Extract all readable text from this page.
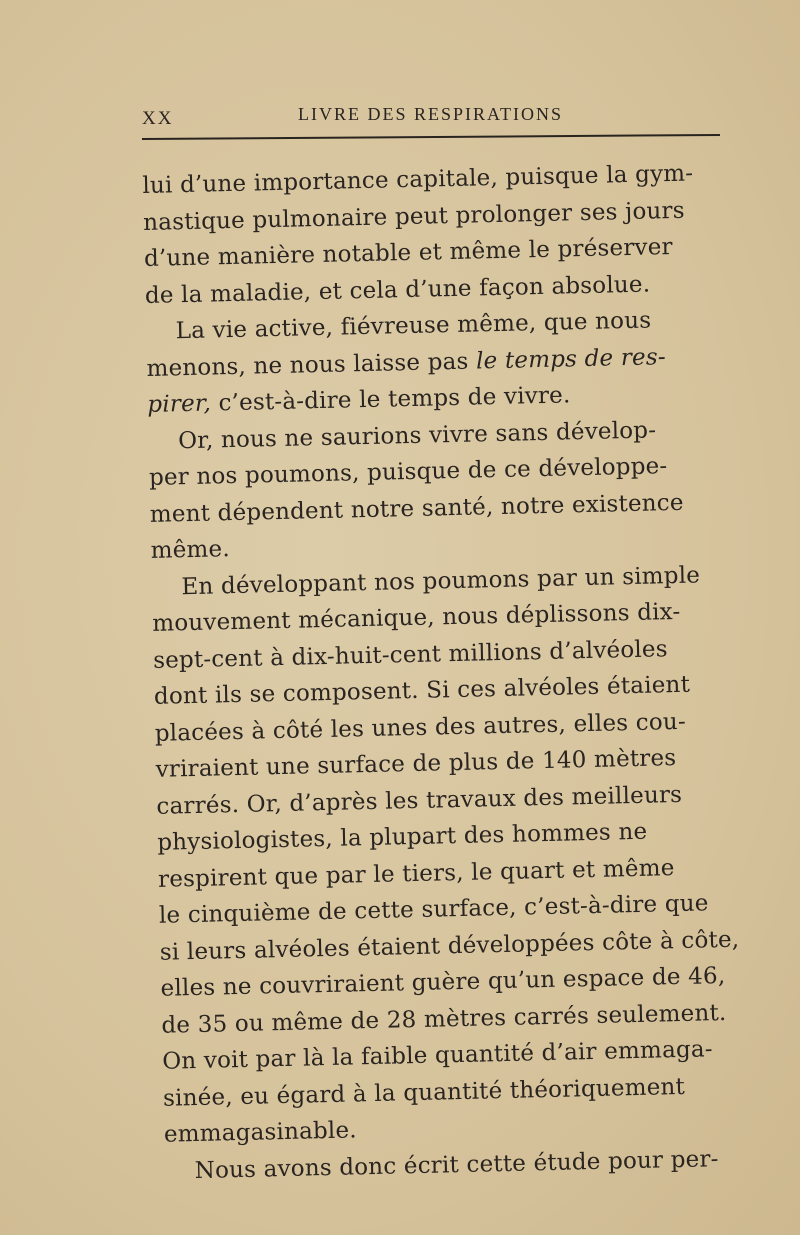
XX	LIVRE DES RESPIRATIONS
lui d’une importance capitale, puisque la gym-
nastique pulmonaire peut prolonger ses jours
d’une manière notable et même le préserver
de la maladie, et cela d’une façon absolue.
La vie active, fiévreuse même, que nous
menons, ne nous laisse pas le temps de res-
pirer, c’est-à-dire le temps de vivre.
Or, nous ne saurions vivre sans dévelop-
per nos poumons, puisque de ce développe-
ment dépendent notre santé, notre existence
même.
En développant nos poumons par un simple
mouvement mécanique, nous déplissons dix-
sept-cent à dix-huit-cent millions d’alvéoles
dont ils se composent. Si ces alvéoles étaient
placées à côté les unes des autres, elles cou-
vriraient une surface de plus de 140 mètres
carrés. Or, d’après les travaux des meilleurs
physiologistes, la plupart des hommes ne
respirent que par le tiers, le quart et même
le cinquième de cette surface, c’est-à-dire que
si leurs alvéoles étaient développées côte à côte,
elles ne couvriraient guère qu’un espace de 46,
de 35 ou même de 28 mètres carrés seulement.
On voit par là la faible quantité d’air emmaga-
sinée, eu égard à la quantité théoriquement
emmagasinable.
Nous avons donc écrit cette étude pour per-
